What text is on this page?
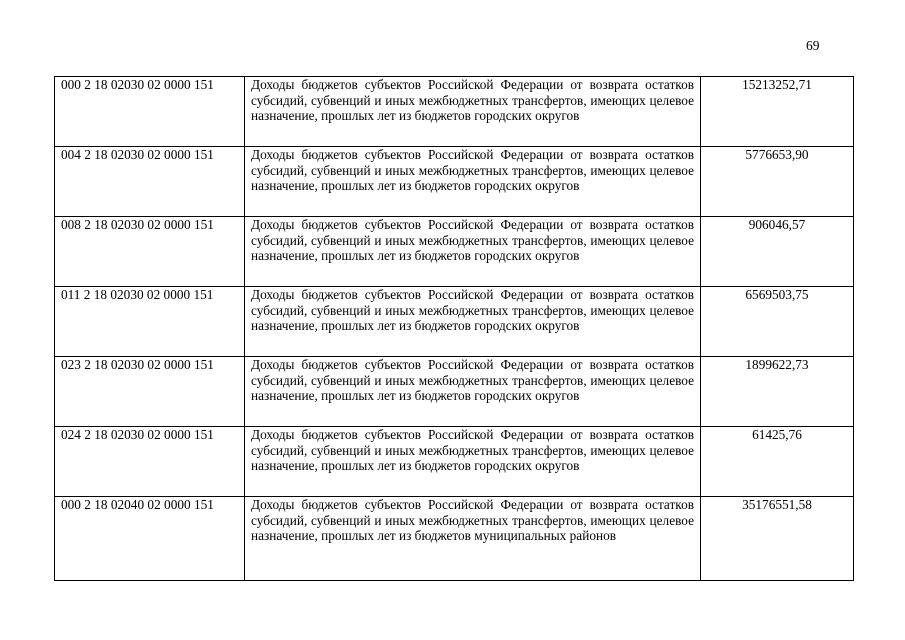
69
000 2 18 02030 02 0000 151	Доходы бюджетов субъектов Российской Федерации от возврата остатков субсидий, субвенций и иных межбюджетных трансфертов, имеющих целевое назначение, прошлых лет из бюджетов городских округов	15213252,71
004 2 18 02030 02 0000 151	Доходы бюджетов субъектов Российской Федерации от возврата остатков субсидий, субвенций и иных межбюджетных трансфертов, имеющих целевое назначение, прошлых лет из бюджетов городских округов	5776653,90
008 2 18 02030 02 0000 151	Доходы бюджетов субъектов Российской Федерации от возврата остатков субсидий, субвенций и иных межбюджетных трансфертов, имеющих целевое назначение, прошлых лет из бюджетов городских округов	906046,57
011 2 18 02030 02 0000 151	Доходы бюджетов субъектов Российской Федерации от возврата остатков субсидий, субвенций и иных межбюджетных трансфертов, имеющих целевое назначение, прошлых лет из бюджетов городских округов	6569503,75
023 2 18 02030 02 0000 151	Доходы бюджетов субъектов Российской Федерации от возврата остатков субсидий, субвенций и иных межбюджетных трансфертов, имеющих целевое назначение, прошлых лет из бюджетов городских округов	1899622,73
024 2 18 02030 02 0000 151	Доходы бюджетов субъектов Российской Федерации от возврата остатков субсидий, субвенций и иных межбюджетных трансфертов, имеющих целевое назначение, прошлых лет из бюджетов городских округов	61425,76
000 2 18 02040 02 0000 151	Доходы бюджетов субъектов Российской Федерации от возврата остатков субсидий, субвенций и иных межбюджетных трансфертов, имеющих целевое назначение, прошлых лет из бюджетов муниципальных районов	35176551,58
